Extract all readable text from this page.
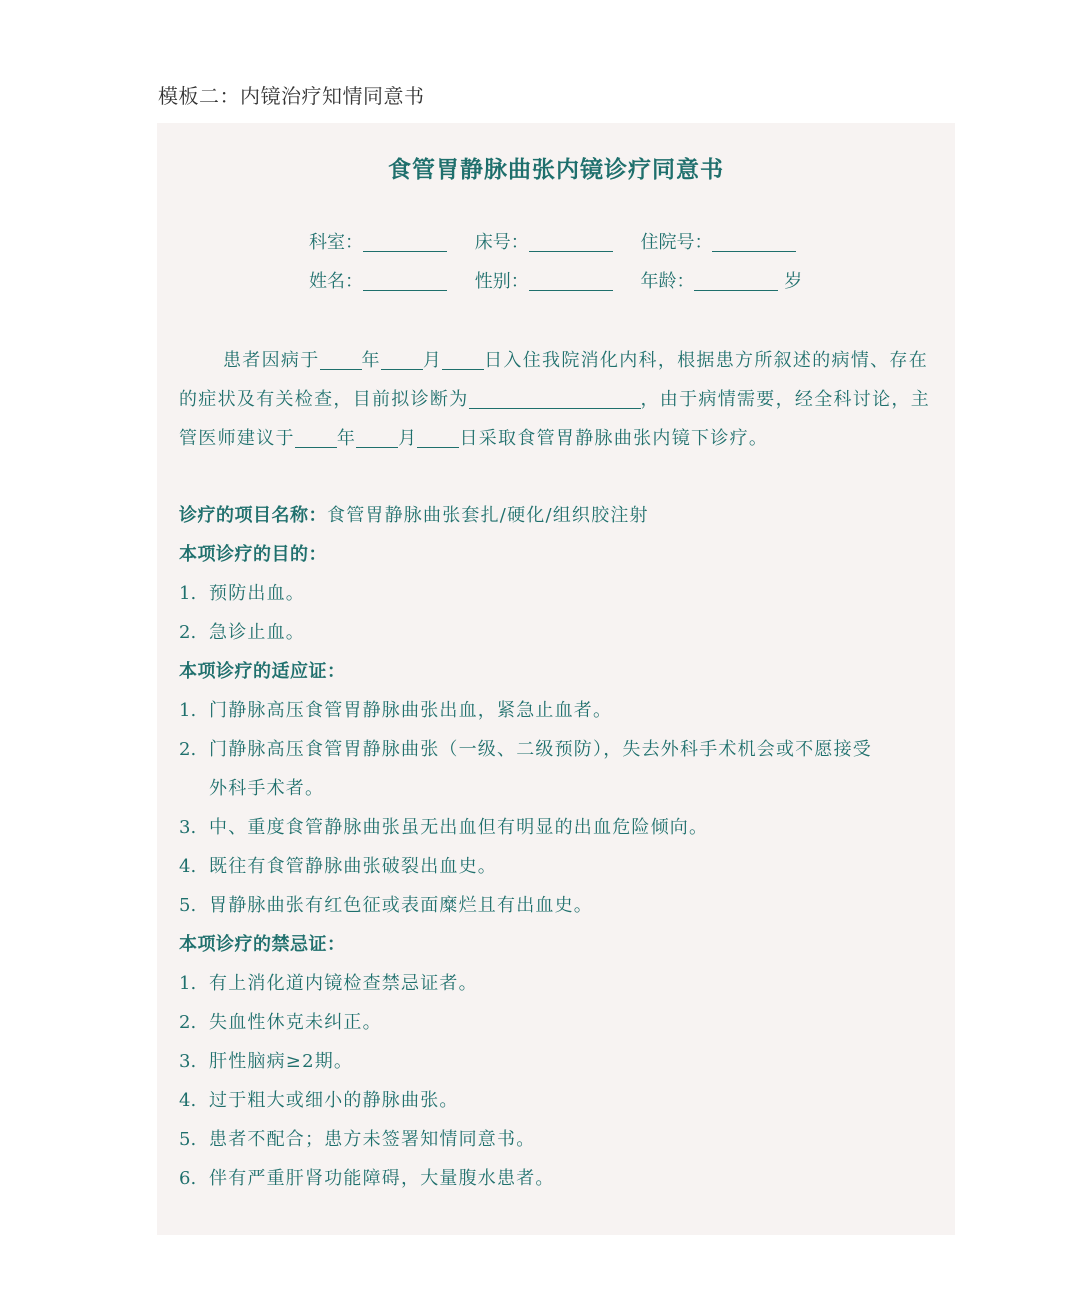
模板二：内镜治疗知情同意书
食管胃静脉曲张内镜诊疗同意书
科室：	床号：	住院号：
姓名：	性别：	年龄：	岁
患者因病于 年 月 日入住我院消化内科，根据患方所叙述的病情、存在的症状及有关检查，目前拟诊断为	，由于病情需要，经全科讨论，主管医师建议于 年 月 日采取食管胃静脉曲张内镜下诊疗。
诊疗的项目名称：食管胃静脉曲张套扎/硬化/组织胶注射
本项诊疗的目的：
1. 预防出血。
2. 急诊止血。
本项诊疗的适应证：
1. 门静脉高压食管胃静脉曲张出血，紧急止血者。
2. 门静脉高压食管胃静脉曲张（一级、二级预防），失去外科手术机会或不愿接受
外科手术者。
3. 中、重度食管静脉曲张虽无出血但有明显的出血危险倾向。
4. 既往有食管静脉曲张破裂出血史。
5. 胃静脉曲张有红色征或表面糜烂且有出血史。
本项诊疗的禁忌证：
1. 有上消化道内镜检查禁忌证者。
2. 失血性休克未纠正。
3. 肝性脑病≥2期。
4. 过于粗大或细小的静脉曲张。
5. 患者不配合；患方未签署知情同意书。
6. 伴有严重肝肾功能障碍，大量腹水患者。
